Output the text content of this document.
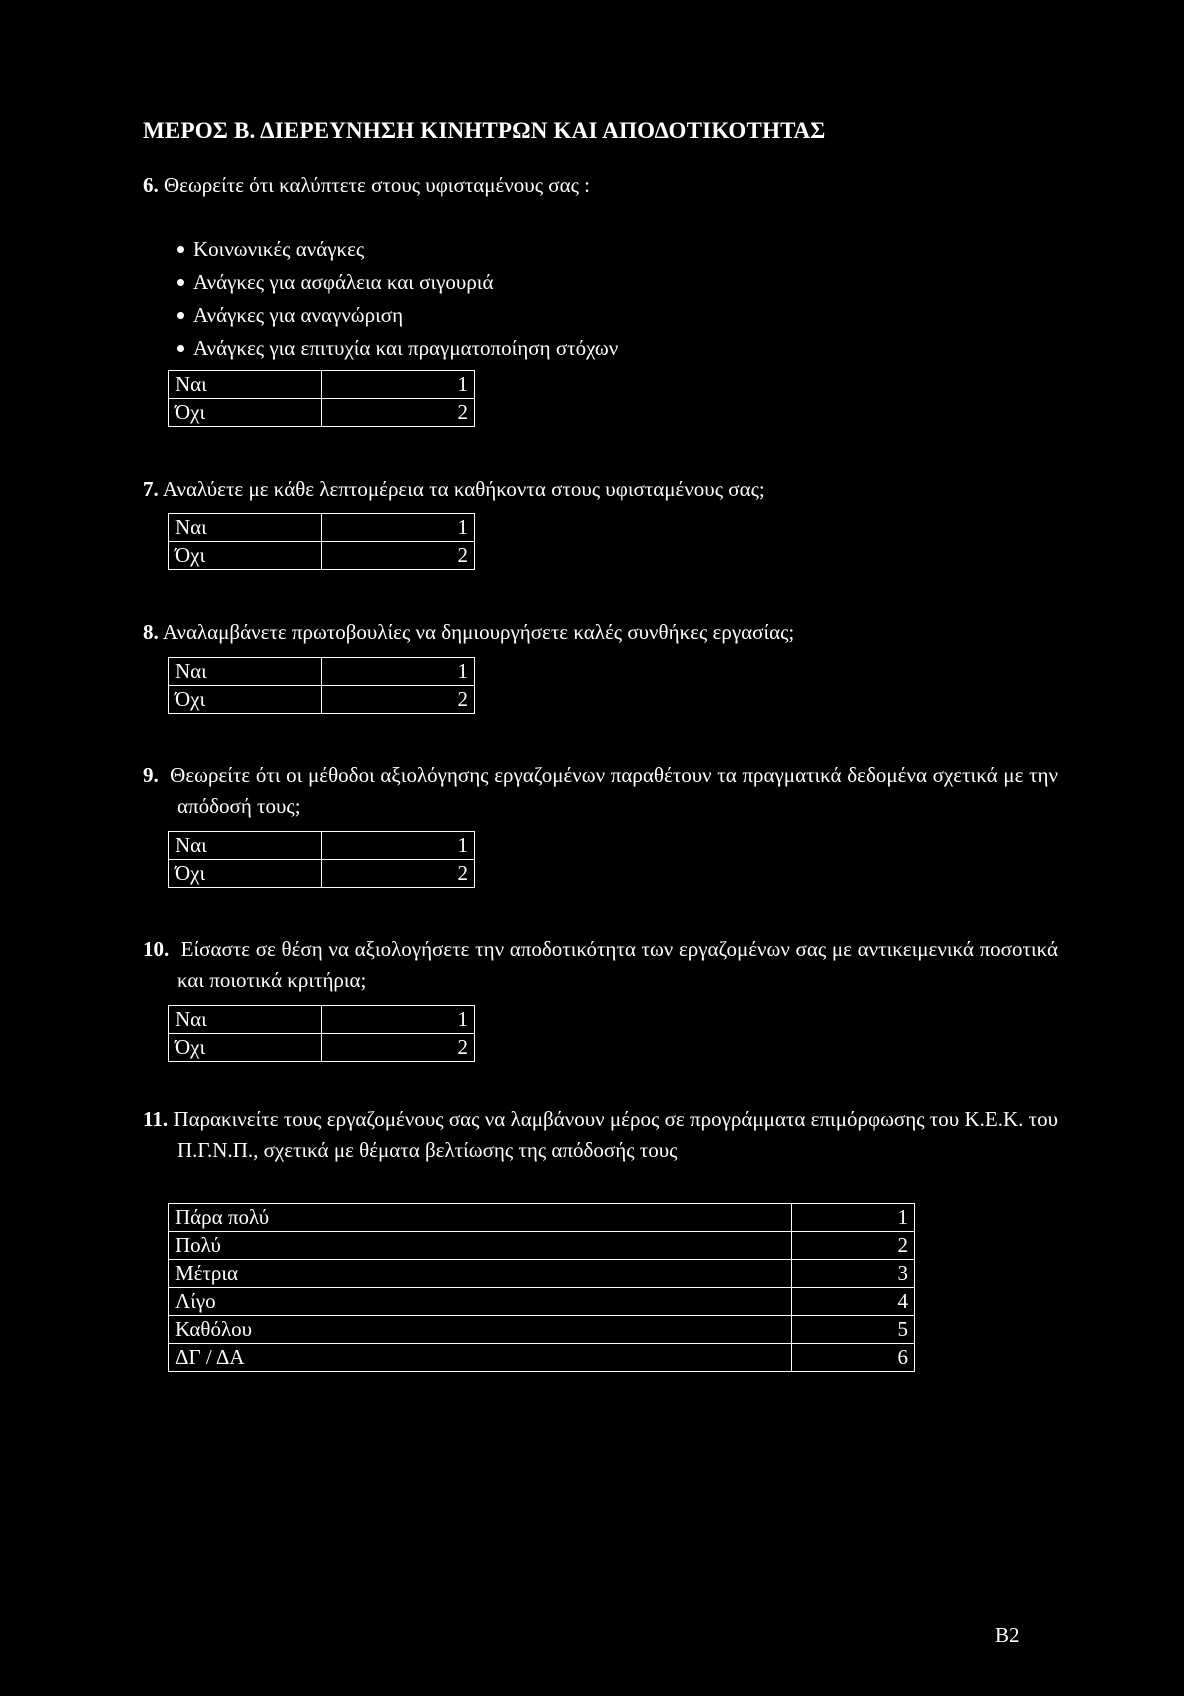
ΜΕΡΟΣ Β. ΔΙΕΡΕΥΝΗΣΗ ΚΙΝΗΤΡΩΝ ΚΑΙ ΑΠΟΔΟΤΙΚΟΤΗΤΑΣ
6. Θεωρείτε ότι καλύπτετε στους υφισταμένους σας :
Κοινωνικές ανάγκες
Ανάγκες για ασφάλεια και σιγουριά
Ανάγκες για αναγνώριση
Ανάγκες για επιτυχία και πραγματοποίηση στόχων
Ναι	1
Όχι	2
7. Αναλύετε με κάθε λεπτομέρεια τα καθήκοντα στους υφισταμένους σας;
Ναι	1
Όχι	2
8. Αναλαμβάνετε πρωτοβουλίες να δημιουργήσετε καλές συνθήκες εργασίας;
Ναι	1
Όχι	2
9. Θεωρείτε ότι οι μέθοδοι αξιολόγησης εργαζομένων παραθέτουν τα πραγματικά δεδομένα σχετικά με την απόδοσή τους;
Ναι	1
Όχι	2
10. Είσαστε σε θέση να αξιολογήσετε την αποδοτικότητα των εργαζομένων σας με αντικειμενικά ποσοτικά και ποιοτικά κριτήρια;
Ναι	1
Όχι	2
11. Παρακινείτε τους εργαζομένους σας να λαμβάνουν μέρος σε προγράμματα επιμόρφωσης του Κ.Ε.Κ. του Π.Γ.Ν.Π., σχετικά με θέματα βελτίωσης της απόδοσής τους
Πάρα πολύ	1
Πολύ	2
Μέτρια	3
Λίγο	4
Καθόλου	5
ΔΓ / ΔΑ	6
B2
